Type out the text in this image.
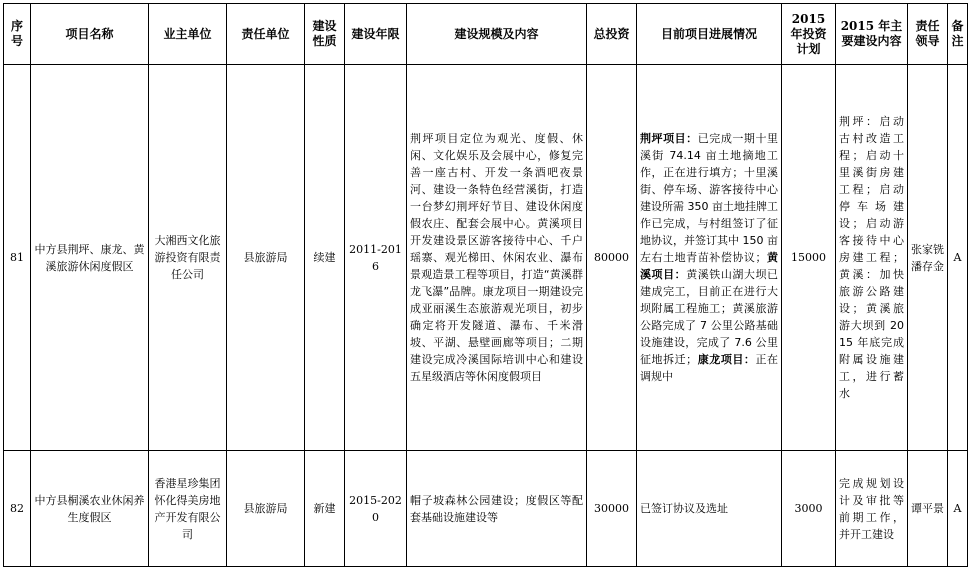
序号	项目名称	业主单位	责任单位	建设性质	建设年限	建设规模及内容	总投资	目前项目进展情况	2015 年投资计划	2015 年主要建设内容	责任领导	备注
81	中方县荆坪、康龙、黄溪旅游休闲度假区	大湘西文化旅游投资有限责任公司	县旅游局	续建	2011-2016	荆坪项目定位为观光、度假、休闲、文化娱乐及会展中心，修复完善一座古村、开发一条酒吧夜景河、建设一条特色经营溪街，打造一台梦幻荆坪好节目、建设休闲度假农庄、配套会展中心。黄溪项目开发建设景区游客接待中心、千户瑶寨、观光梯田、休闲农业、瀑布景观造景工程等项目，打造“黄溪群龙飞瀑”品牌。康龙项目一期建设完成亚丽溪生态旅游观光项目，初步确定将开发隧道、瀑布、千米滑坡、平湖、悬壁画廊等项目；二期建设完成冷溪国际培训中心和建设五星级酒店等休闲度假项目	80000	荆坪项目：已完成一期十里溪街 74.14 亩土地摘地工作，正在进行填方；十里溪街、停车场、游客接待中心建设所需 350 亩土地挂牌工作已完成，与村组签订了征地协议，并签订其中 150 亩左右土地青苗补偿协议；黄溪项目：黄溪铁山湖大坝已建成完工，目前正在进行大坝附属工程施工；黄溪旅游公路完成了 7 公里公路基础设施建设，完成了 7.6 公里征地拆迁；康龙项目：正在调规中	15000	荆坪：启动古村改造工程；启动十里溪街房建工程；启动停车场建设；启动游客接待中心房建工程；黄溪：加快旅游公路建设；黄溪旅游大坝到 2015 年底完成附属设施建工，进行蓄水	张家铣潘存金	A
82	中方县桐溪农业休闲养生度假区	香港星珍集团怀化得美房地产开发有限公司	县旅游局	新建	2015-2020	帽子坡森林公园建设；度假区等配套基础设施建设等	30000	已签订协议及选址	3000	完成规划设计及审批等前期工作，并开工建设	谭平景	A
